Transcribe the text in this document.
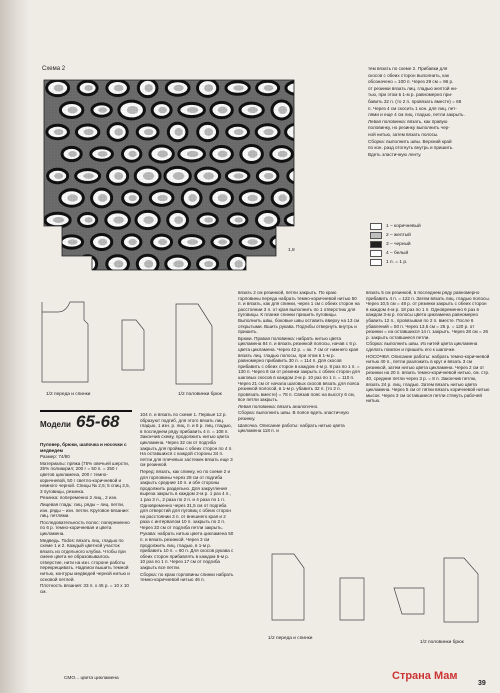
Схема 2
1,8

тем вязать по схеме 2. Прибавки для

скосов с обеих сторон выполнить, как

обозначено = 100 п. Через 29 см = 96 р.

от резинки вязать лиц. гладью желтой ни-

тью, при этом в 1-м р. равномерно при-

бавить 32 п. (то 2 п. провязать вместе) = 68

п. Через 4 см скосить 1 кон. для лиц. пет-

лями и еще 4 см лиц. гладью, петли закрыть.

Левая половинка: вязать, как правую

половинку, но резинку выполнить чер-

ной нитью, затем вязать полосы.

Сборка: выполнить швы. Верхний край

по кон. разд отогнуть внутрь и пришить.

Вдеть эластичную ленту.

1 – коричневый
2 – желтый
3 – черный
4 – белый
1 п. = 1 р.
1/2 переда и спинки	1/2 половинки брюк

вязать 2 см резинкой, петли закрыть. По краю горловины переда набрать темно-коричневой нитью 50 п. и вязать, как для спинки, через 1 см с обеих сторон на расстоянии 3 п. от края выполнить по 1 отверстию для пуговицы. К планке спинки пришить пуговицы. Выполнить швы, боковые швы оставить вверху на 13 см открытыми. Вшить рукава. Подгибы отвернуть внутрь и пришить.

Брюки. Правая половинка: набрать нитью цвета цикламена 84 п. и вязать резинкой полосы, начав с 6 р. цвета цикламена. Через 42 р. = ок. 7 см от нижнего края вязать лиц. гладью полосы, при этом в 1-м р. равномерно прибавить 30 п. = 114 п. Для скосов прибавить с обеих сторон в каждом 4-м р. 8 раз по 1 п. = 130 п. Через 8 см от резинки закрыть с обеих сторон для шаговых скосов в каждом 2-м р. 10 раз по 1 п. = 110 п. Через 21 см от начала шаговых скосов вязать для пояса резинкой полосой, в 1-м р. убавить 32 п. (то 2 п. провязать вместе) = 78 п. Связав пояс на высоту 6 см, все петли закрыть.

Левая половинка: вязать аналогично.

Сборка: выполнить швы. В поясе вдеть эластичную резинку.

Шапочка. Описание работы: набрать нитью цвета цикламена 118 п. и

вязать 5 см резинкой, в последнем ряду равномерно прибавить 4 п. = 122 п. Затем вязать лиц. гладью полосы. Через 10,5 см = 48 р. от резинки закрыть с обеих сторон в каждом 4-м р. 18 раз по 1 п. Одновременно 6 раз в каждом 3-м р. полосы цвета цикламена равномерно убавить 12 п., провязывая по 2 п. вместе. После 6 убавлений = 50 п. Через 13,5 см = 25 р. = 120 р. от резинки = на оставшихся 14 п. закрыть. Через 28 см = 26 р. закрыть оставшиеся петли.

Сборка: выполнить швы. Из нитей цвета цикламена сделать помпон и пришить его к шапочке.

НОСОЧКИ. Описание работы: набрать темно-коричневой нитью 40 п., петли разложить в круг и вязать 3 см резинкой, затем нитью цвета цикламена. Через 2 см от резинки на 20 п. вязать темно-коричневой нитью, см. стр. 40, средние петли через 3 р. = 8 п. Закончив петлю, вязать 24 р. лиц. гладью. Затем вязать нитью цвета цикламена. Через 5 см от пятки вязать коричневой нитью мысок. Через 3 см оставшиеся петли стянуть рабочей нитью.

Модели 65-68

Пуловер, брюки, шапочка и носочки с медведем

Размер: 74/80

Материалы: пряжа (75% овечьей шерсти, 25% полиакрил; 200 г = 50 п. = 250 г цветов цикламена, 200 г темно-коричневой, 50 г светло-коричневой и немного черной. Спицы № 2,5; 5 спиц 2,5, 3 пуговицы, резинка.

Резинка: попеременно 2 лиц., 2 изн.

Лицевая гладь: лиц. ряды – лиц. петли, изн. ряды – изн. петли. Круговое вязание: лиц. петлями.

Последовательность полос: попеременно по 6 р. темно-коричневая и цвета цикламена.

Медведь. Todos: вязать лиц. гладью по схеме 1 и 2. Каждый цветной участок вязать из отдельного клубка. Чтобы при смене цвета не образовывалось отверстие, нити на изн. стороне работы перекрещивать. Надписи вышить темной нитью, контуры медведей черной нитью и основой петлей.

Плотность вязания: 33 п. x 45 р. = 10 x 10 см.

104 п. и вязать по схеме 1. Первые 12 р. образуют подгиб, для этого вязать лиц. гладью, 1 изн. р. лиц. п. и 6 р. лиц. гладью, в последнем ряду прибавить 4 п. = 108 п. Закончив схему, продолжить нитью цвета цикламена. Через 32 см от подгиба закрыть для проймы с обеих сторон по 4 п. На оставшихся с каждой стороны 34 п. петли для плечевых застежек вязать еще 3 см резинкой.

Перед: вязать, как спинку, но по схеме 2 и для горловины через 28 см от подгиба закрыть средние 10 п. и обе стороны продолжить раздельно. Для закругления выреза закрыть в каждом 2-м р. 1 раз 4 п., 1 раз 3 п., 2 раза по 2 п. и 4 раза по 1 п. Одновременно через 31,5 см от подгиба для отверстий для пуговиц с обеих сторон на расстоянии 3 п. от внешнего края и 2 раза с интервалом 10 п. закрыть по 2 п. Через 33 см от подгиба петли закрыть.

Рукава: набрать нитью цвета цикламена 50 п. и вязать резинкой. Через 3 см продолжить лиц. гладью, в 1-м р. прибавить 10 п. = 60 п. Для скосов рукава с обеих сторон прибавлять в каждом 6-м р. 10 раз по 1 п. Через 17 см от подгиба закрыть все петли.

Сборка: по краю горловины спинки набрать темно-коричневой нитью 46 п.

1/2 переда и спинки
1/2 половинки брюк
СМО... цвета цикламена	Страна Мам
39
